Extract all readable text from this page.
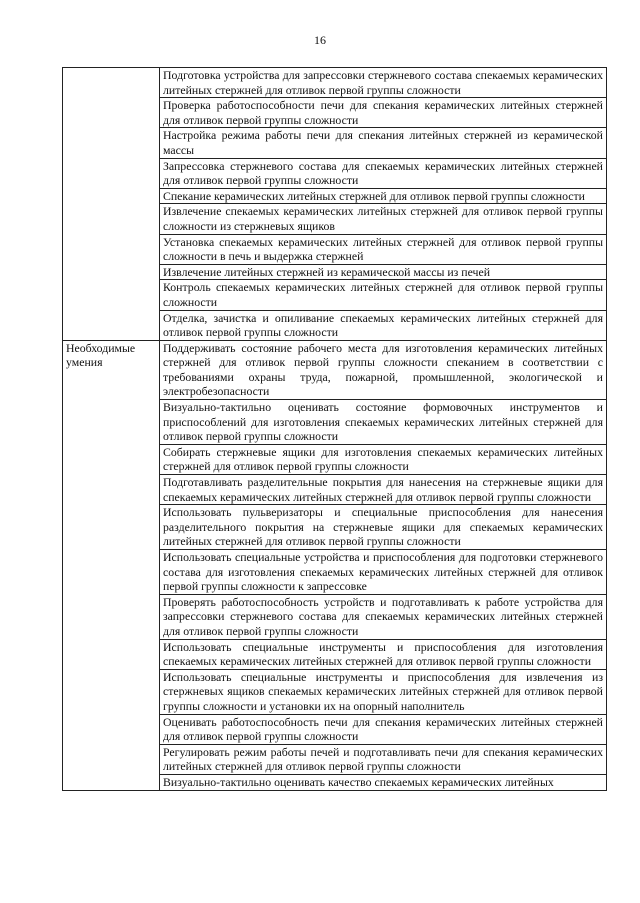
16
	Подготовка устройства для запрессовки стержневого состава спекаемых керамических литейных стержней для отливок первой группы сложности
	Проверка работоспособности печи для спекания керамических литейных стержней для отливок первой группы сложности
	Настройка режима работы печи для спекания литейных стержней из керамической массы
	Запрессовка стержневого состава для спекаемых керамических литейных стержней для отливок первой группы сложности
	Спекание керамических литейных стержней для отливок первой группы сложности
	Извлечение спекаемых керамических литейных стержней для отливок первой группы сложности из стержневых ящиков
	Установка спекаемых керамических литейных стержней для отливок первой группы сложности в печь и выдержка стержней
	Извлечение литейных стержней из керамической массы из печей
	Контроль спекаемых керамических литейных стержней для отливок первой группы сложности
	Отделка, зачистка и опиливание спекаемых керамических литейных стержней для отливок первой группы сложности
Необходимые умения	Поддерживать состояние рабочего места для изготовления керамических литейных стержней для отливок первой группы сложности спеканием в соответствии с требованиями охраны труда, пожарной, промышленной, экологической и электробезопасности
	Визуально-тактильно оценивать состояние формовочных инструментов и приспособлений для изготовления спекаемых керамических литейных стержней для отливок первой группы сложности
	Собирать стержневые ящики для изготовления спекаемых керамических литейных стержней для отливок первой группы сложности
	Подготавливать разделительные покрытия для нанесения на стержневые ящики для спекаемых керамических литейных стержней для отливок первой группы сложности
	Использовать пульверизаторы и специальные приспособления для нанесения разделительного покрытия на стержневые ящики для спекаемых керамических литейных стержней для отливок первой группы сложности
	Использовать специальные устройства и приспособления для подготовки стержневого состава для изготовления спекаемых керамических литейных стержней для отливок первой группы сложности к запрессовке
	Проверять работоспособность устройств и подготавливать к работе устройства для запрессовки стержневого состава для спекаемых керамических литейных стержней для отливок первой группы сложности
	Использовать специальные инструменты и приспособления для изготовления спекаемых керамических литейных стержней для отливок первой группы сложности
	Использовать специальные инструменты и приспособления для извлечения из стержневых ящиков спекаемых керамических литейных стержней для отливок первой группы сложности и установки их на опорный наполнитель
	Оценивать работоспособность печи для спекания керамических литейных стержней для отливок первой группы сложности
	Регулировать режим работы печей и подготавливать печи для спекания керамических литейных стержней для отливок первой группы сложности
	Визуально-тактильно оценивать качество спекаемых керамических литейных
